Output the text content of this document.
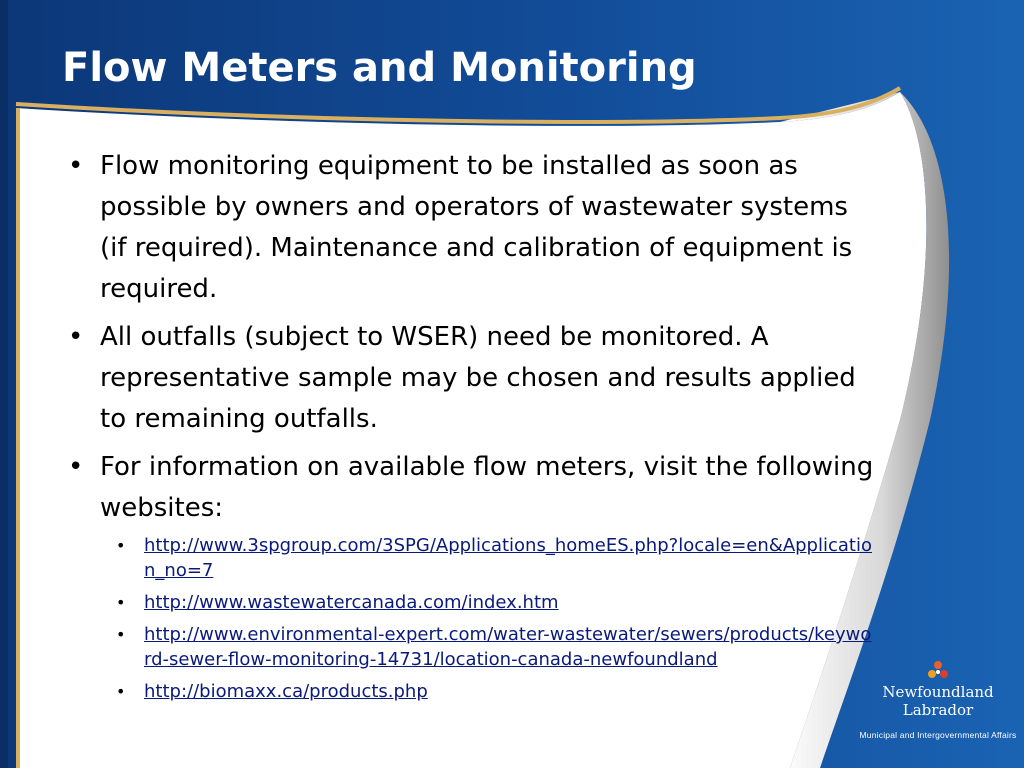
Flow Meters and Monitoring
• Flow monitoring equipment to be installed as soon as possible by owners and operators of wastewater systems (if required). Maintenance and calibration of equipment is required.
• All outfalls (subject to WSER) need be monitored. A representative sample may be chosen and results applied to remaining outfalls.
• For information on available flow meters, visit the following websites:
• http://www.3spgroup.com/3SPG/Applications_homeES.php?locale=en&Application_no=7
• http://www.wastewatercanada.com/index.htm
• http://www.environmental-expert.com/water-wastewater/sewers/products/keyword-sewer-flow-monitoring-14731/location-canada-newfoundland
• http://biomaxx.ca/products.php	Newfoundland
Labrador
Municipal and Intergovernmental Affairs
